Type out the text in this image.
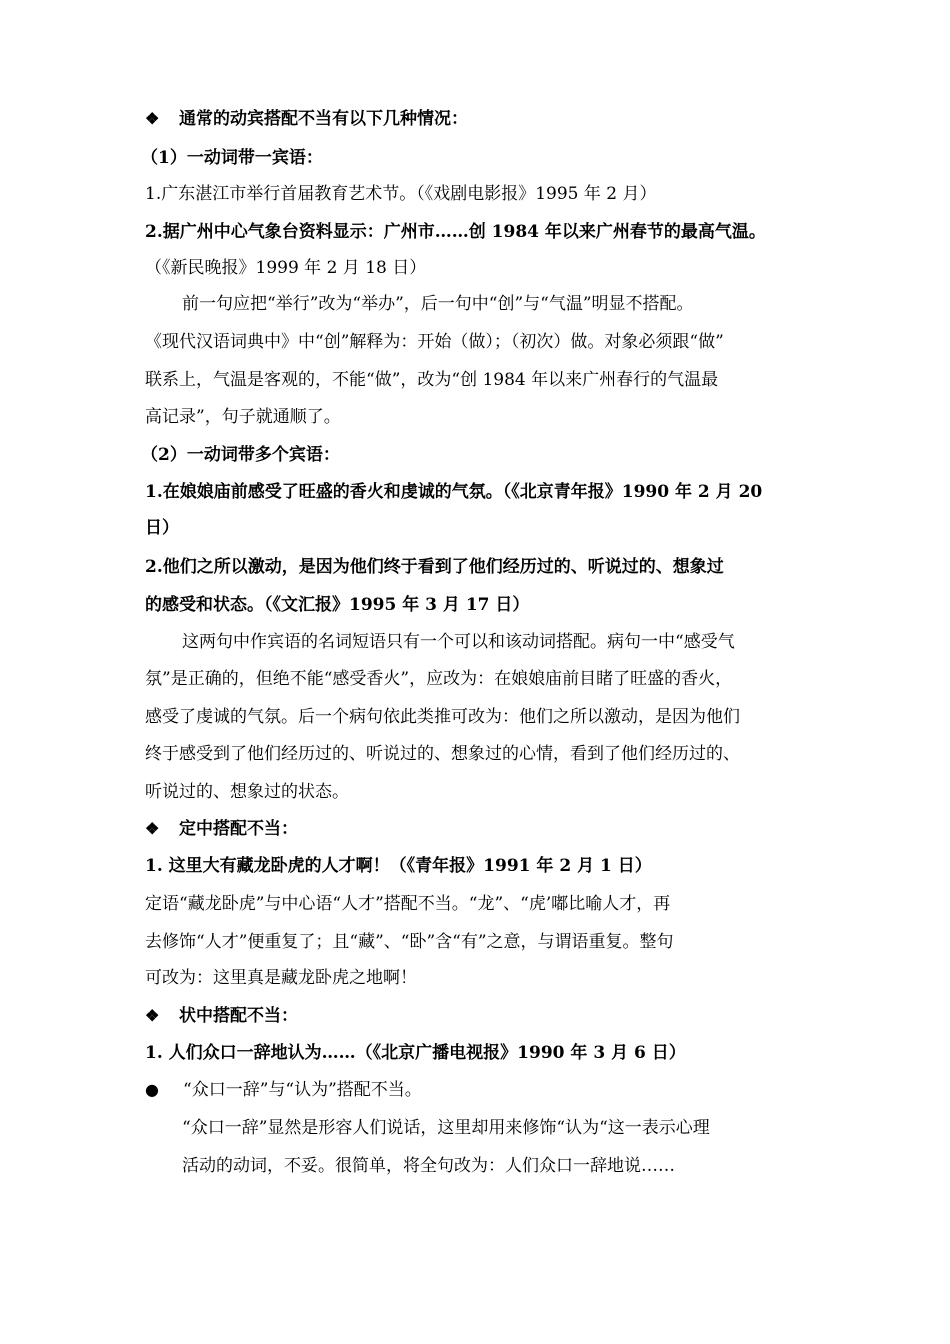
❖ 通常的动宾搭配不当有以下几种情况：
（1）一动词带一宾语：
1.广东湛江市举行首届教育艺术节。（《戏剧电影报》1995 年 2 月）
2.据广州中心气象台资料显示：广州市……创 1984 年以来广州春节的最高气温。
（《新民晚报》1999 年 2 月 18 日）
前一句应把“举行”改为“举办”，后一句中“创”与“气温”明显不搭配。
《现代汉语词典中》中“创”解释为：开始（做）；（初次）做。对象必须跟“做”
联系上，气温是客观的，不能“做”，改为“创 1984 年以来广州春行的气温最
高记录”，句子就通顺了。
（2）一动词带多个宾语：
1.在娘娘庙前感受了旺盛的香火和虔诚的气氛。（《北京青年报》1990 年 2 月 20
日）
2.他们之所以激动，是因为他们终于看到了他们经历过的、听说过的、想象过
的感受和状态。（《文汇报》1995 年 3 月 17 日）
这两句中作宾语的名词短语只有一个可以和该动词搭配。病句一中“感受气
氛”是正确的，但绝不能“感受香火”，应改为：在娘娘庙前目睹了旺盛的香火，
感受了虔诚的气氛。后一个病句依此类推可改为：他们之所以激动，是因为他们
终于感受到了他们经历过的、听说过的、想象过的心情，看到了他们经历过的、
听说过的、想象过的状态。
❖ 定中搭配不当：
1. 这里大有藏龙卧虎的人才啊！（《青年报》1991 年 2 月 1 日）
定语“藏龙卧虎”与中心语“人才”搭配不当。“龙”、“虎’嘟比喻人才，再
去修饰“人才”便重复了；且“藏”、“卧”含“有”之意，与谓语重复。整句
可改为：这里真是藏龙卧虎之地啊！
❖ 状中搭配不当：
1. 人们众口一辞地认为……（《北京广播电视报》1990 年 3 月 6 日）
● “众口一辞”与“认为”搭配不当。
“众口一辞”显然是形容人们说话，这里却用来修饰“认为“这一表示心理
活动的动词，不妥。很简单，将全句改为：人们众口一辞地说……
